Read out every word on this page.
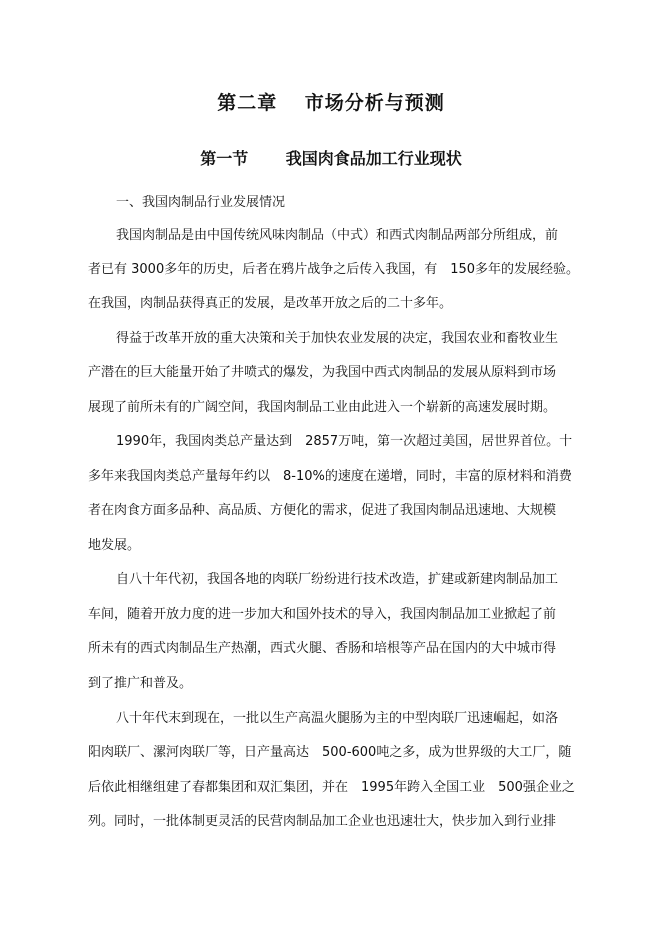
第二章　 市场分析与预测
第一节　　 我国肉食品加工行业现状
一、我国肉制品行业发展情况
我国肉制品是由中国传统风味肉制品（中式）和西式肉制品两部分所组成，前
者已有 3000多年的历史，后者在鸦片战争之后传入我国，有　150多年的发展经验。
在我国，肉制品获得真正的发展，是改革开放之后的二十多年。
得益于改革开放的重大决策和关于加快农业发展的决定，我国农业和畜牧业生
产潜在的巨大能量开始了井喷式的爆发，为我国中西式肉制品的发展从原料到市场
展现了前所未有的广阔空间，我国肉制品工业由此进入一个崭新的高速发展时期。
1990年，我国肉类总产量达到　2857万吨，第一次超过美国，居世界首位。十
多年来我国肉类总产量每年约以　8-10%的速度在递增，同时，丰富的原材料和消费
者在肉食方面多品种、高品质、方便化的需求，促进了我国肉制品迅速地、大规模
地发展。
自八十年代初，我国各地的肉联厂纷纷进行技术改造，扩建或新建肉制品加工
车间，随着开放力度的进一步加大和国外技术的导入，我国肉制品加工业掀起了前
所未有的西式肉制品生产热潮，西式火腿、香肠和培根等产品在国内的大中城市得
到了推广和普及。
八十年代末到现在，一批以生产高温火腿肠为主的中型肉联厂迅速崛起，如洛
阳肉联厂、漯河肉联厂等，日产量高达　500-600吨之多，成为世界级的大工厂，随
后依此相继组建了春都集团和双汇集团，并在　1995年跨入全国工业　500强企业之
列。同时，一批体制更灵活的民营肉制品加工企业也迅速壮大，快步加入到行业排
